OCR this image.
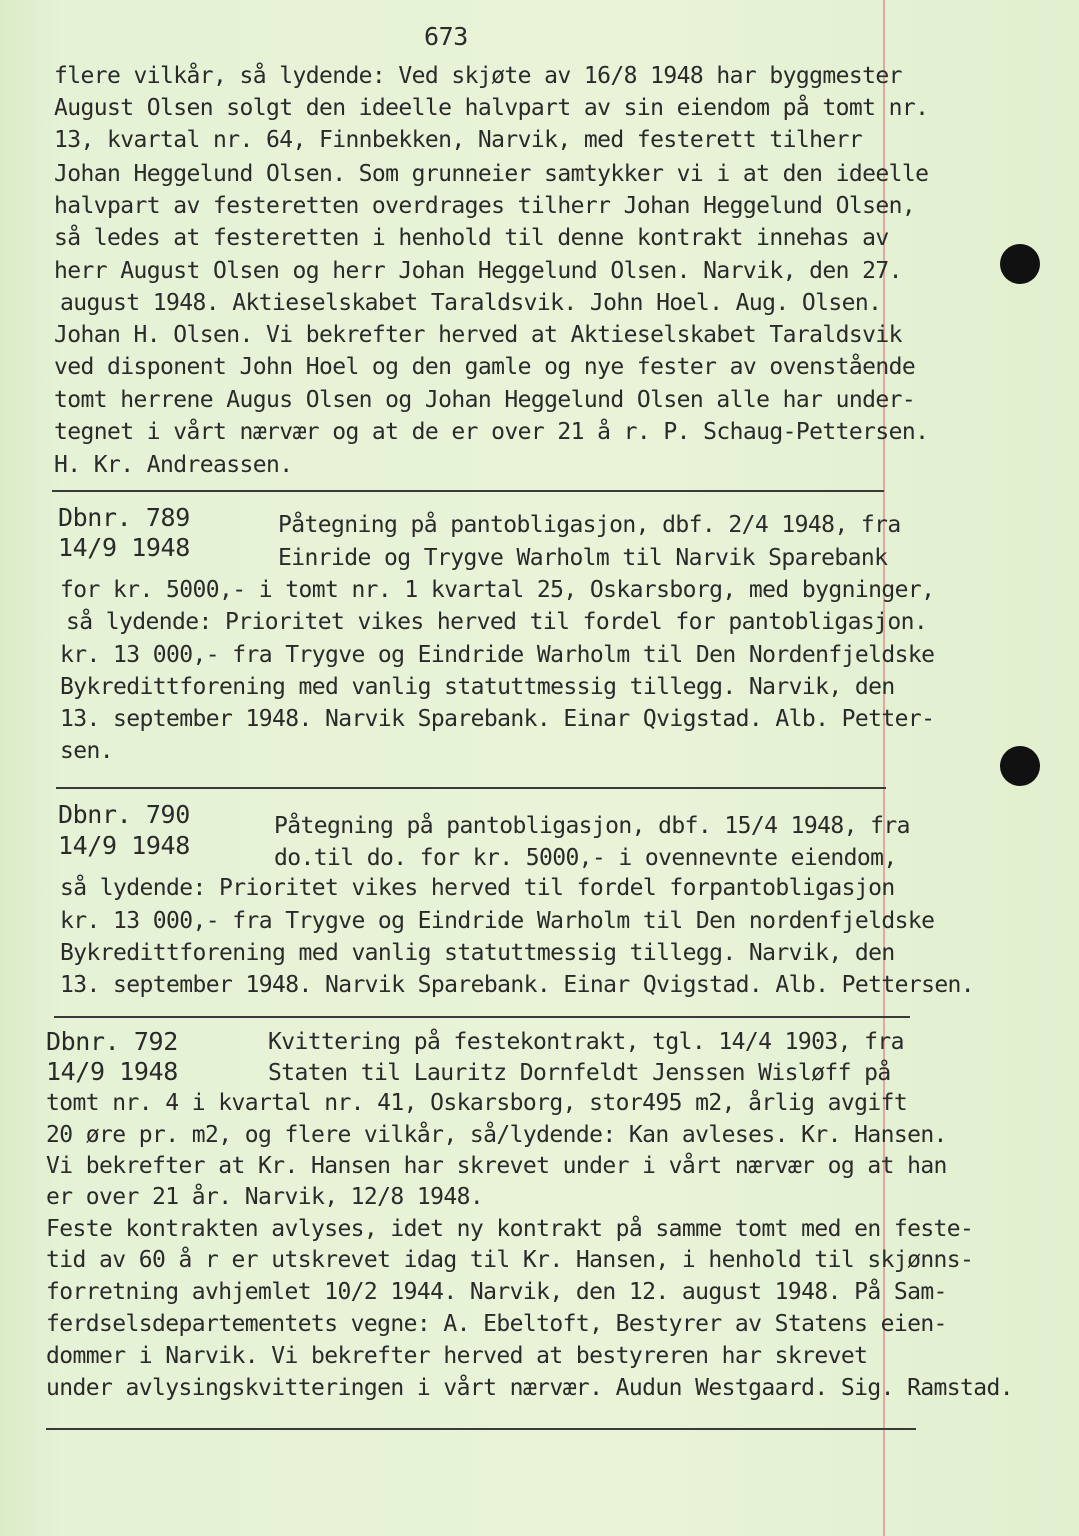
673
flere vilkår, så lydende: Ved skjøte av 16/8 1948 har byggmester
August Olsen solgt den ideelle halvpart av sin eiendom på tomt nr.
13, kvartal nr. 64, Finnbekken, Narvik, med festerett tilherr
Johan Heggelund Olsen. Som grunneier samtykker vi i at den ideelle
halvpart av festeretten overdrages tilherr Johan Heggelund Olsen,
så ledes at festeretten i henhold til denne kontrakt innehas av
herr August Olsen og herr Johan Heggelund Olsen. Narvik, den 27.
august 1948. Aktieselskabet Taraldsvik. John Hoel. Aug. Olsen.
Johan H. Olsen. Vi bekrefter herved at Aktieselskabet Taraldsvik
ved disponent John Hoel og den gamle og nye fester av ovenstående
tomt herrene Augus Olsen og Johan Heggelund Olsen alle har under-
tegnet i vårt nærvær og at de er over 21 å r. P. Schaug-Pettersen.
H. Kr. Andreassen.
Dbnr. 789
14/9 1948
Påtegning på pantobligasjon, dbf. 2/4 1948, fra
Einride og Trygve Warholm til Narvik Sparebank
for kr. 5000,- i tomt nr. 1 kvartal 25, Oskarsborg, med bygninger,
så lydende: Prioritet vikes herved til fordel for pantobligasjon.
kr. 13 000,- fra Trygve og Eindride Warholm til Den Nordenfjeldske
Bykredittforening med vanlig statuttmessig tillegg. Narvik, den
13. september 1948. Narvik Sparebank. Einar Qvigstad. Alb. Petter-
sen.
Dbnr. 790
14/9 1948
Påtegning på pantobligasjon, dbf. 15/4 1948, fra
do.til do. for kr. 5000,- i ovennevnte eiendom,
så lydende: Prioritet vikes herved til fordel forpantobligasjon
kr. 13 000,- fra Trygve og Eindride Warholm til Den nordenfjeldske
Bykredittforening med vanlig statuttmessig tillegg. Narvik, den
13. september 1948. Narvik Sparebank. Einar Qvigstad. Alb. Pettersen.
Dbnr. 792
14/9 1948
Kvittering på festekontrakt, tgl. 14/4 1903, fra
Staten til Lauritz Dornfeldt Jenssen Wisløff på
tomt nr. 4 i kvartal nr. 41, Oskarsborg, stor495 m2, årlig avgift
20 øre pr. m2, og flere vilkår, så/lydende: Kan avleses. Kr. Hansen.
Vi bekrefter at Kr. Hansen har skrevet under i vårt nærvær og at han
er over 21 år. Narvik, 12/8 1948.
Feste kontrakten avlyses, idet ny kontrakt på samme tomt med en feste-
tid av 60 å r er utskrevet idag til Kr. Hansen, i henhold til skjønns-
forretning avhjemlet 10/2 1944. Narvik, den 12. august 1948. På Sam-
ferdselsdepartementets vegne: A. Ebeltoft, Bestyrer av Statens eien-
dommer i Narvik. Vi bekrefter herved at bestyreren har skrevet
under avlysingskvitteringen i vårt nærvær. Audun Westgaard. Sig. Ramstad.
